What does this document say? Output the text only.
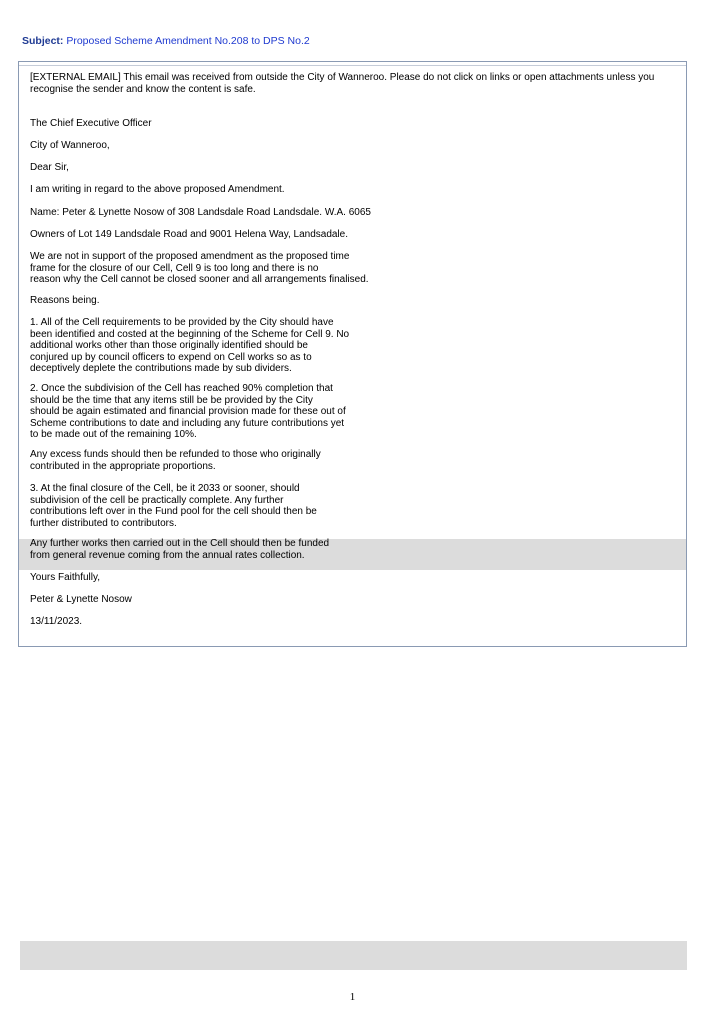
Subject: Proposed Scheme Amendment No.208 to DPS No.2
[EXTERNAL EMAIL] This email was received from outside the City of Wanneroo. Please do not click on links or open attachments unless you recognise the sender and know the content is safe.
The Chief Executive Officer
City of Wanneroo,
Dear Sir,
I am writing in regard to the above proposed Amendment.
Name: Peter & Lynette Nosow of 308 Landsdale Road Landsdale. W.A. 6065
Owners of Lot 149 Landsdale Road and 9001 Helena Way, Landsadale.
We are not in support of the proposed amendment as the proposed time
frame for the closure of our Cell, Cell 9 is too long and there is no
reason why the Cell cannot be closed sooner and all arrangements finalised.
Reasons being.
1. All of the Cell requirements to be provided by the City should have
been identified and costed at the beginning of the Scheme for Cell 9. No
additional works other than those originally identified should be
conjured up by council officers to expend on Cell works so as to
deceptively deplete the contributions made by sub dividers.
2. Once the subdivision of the Cell has reached 90% completion that
should be the time that any items still be be provided by the City
should be again estimated and financial provision made for these out of
Scheme contributions to date and including any future contributions yet
to be made out of the remaining 10%.
Any excess funds should then be refunded to those who originally
contributed in the appropriate proportions.
3. At the final closure of the Cell, be it 2033 or sooner, should
subdivision of the cell be practically complete. Any further
contributions left over in the Fund pool for the cell should then be
further distributed to contributors.
Any further works then carried out in the Cell should then be funded
from general revenue coming from the annual rates collection.
Yours Faithfully,
Peter & Lynette Nosow
13/11/2023.
1
